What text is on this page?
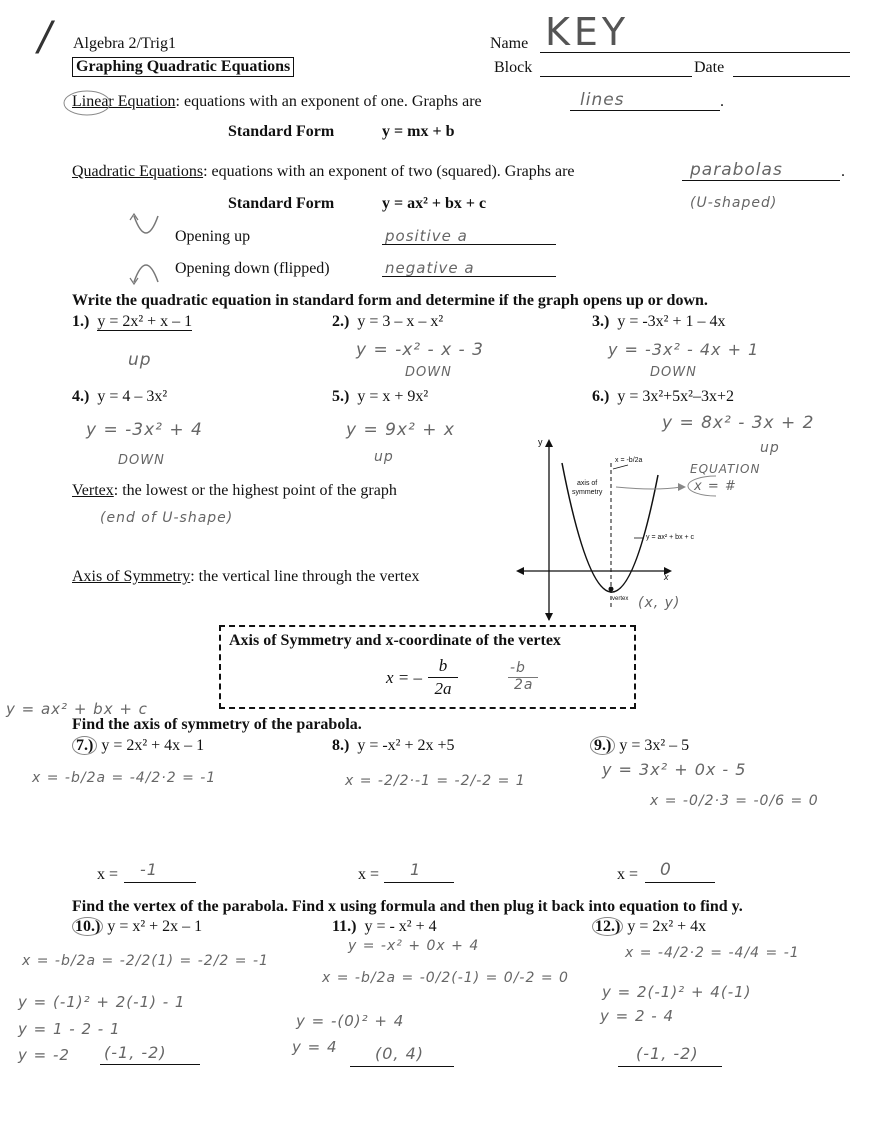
/ Algebra 2/Trig1
Graphing Quadratic Equations
Name KEY
Block	Date
Linear Equation: equations with an exponent of one. Graphs are	lines	.
Standard Form	y = mx + b
Quadratic Equations: equations with an exponent of two (squared). Graphs are	parabolas	.
(U-shaped)
Standard Form	y = ax² + bx + c
Opening up	positive a
Opening down (flipped)	negative a
Write the quadratic equation in standard form and determine if the graph opens up or down.
1.) y = 2x² + x – 1
up
2.) y = 3 – x – x²
y = -x² - x - 3
DOWN
3.) y = -3x² + 1 – 4x
y = -3x² - 4x + 1
DOWN
4.) y = 4 – 3x²
y = -3x² + 4
DOWN
5.) y = x + 9x²
y = 9x² + x
up
6.) y = 3x²+5x²–3x+2
y = 8x² - 3x + 2
up
Vertex: the lowest or the highest point of the graph
(end of U-shape)
Axis of Symmetry: the vertical line through the vertex
y
x
axis of
symmetry
x = -b/2a
y = ax² + bx + c
vertex (x, y)
EQUATION
x = #
Axis of Symmetry and x-coordinate of the vertex
x = –
b
2a
-b
2a
y = ax² + bx + c
Find the axis of symmetry of the parabola.
7.) y = 2x² + 4x – 1
x = -b/2a = -4/2·2 = -1
x = -1
8.) y = -x² + 2x +5
x = -2/2·-1 = -2/-2 = 1
x = 1
9.) y = 3x² – 5
y = 3x² + 0x - 5
x = -0/2·3 = -0/6 = 0
x = 0
Find the vertex of the parabola. Find x using formula and then plug it back into equation to find y.
10.) y = x² + 2x – 1
x = -b/2a = -2/2(1) = -2/2 = -1
y = (-1)² + 2(-1) - 1
y = 1 - 2 - 1
y = -2 (-1, -2)
11.) y = - x² + 4
y = -x² + 0x + 4
x = -b/2a = -0/2(-1) = 0/-2 = 0
y = -(0)² + 4
y = 4 (0, 4)
12.) y = 2x² + 4x
x = -4/2·2 = -4/4 = -1
y = 2(-1)² + 4(-1)
y = 2 - 4
(-1, -2)
